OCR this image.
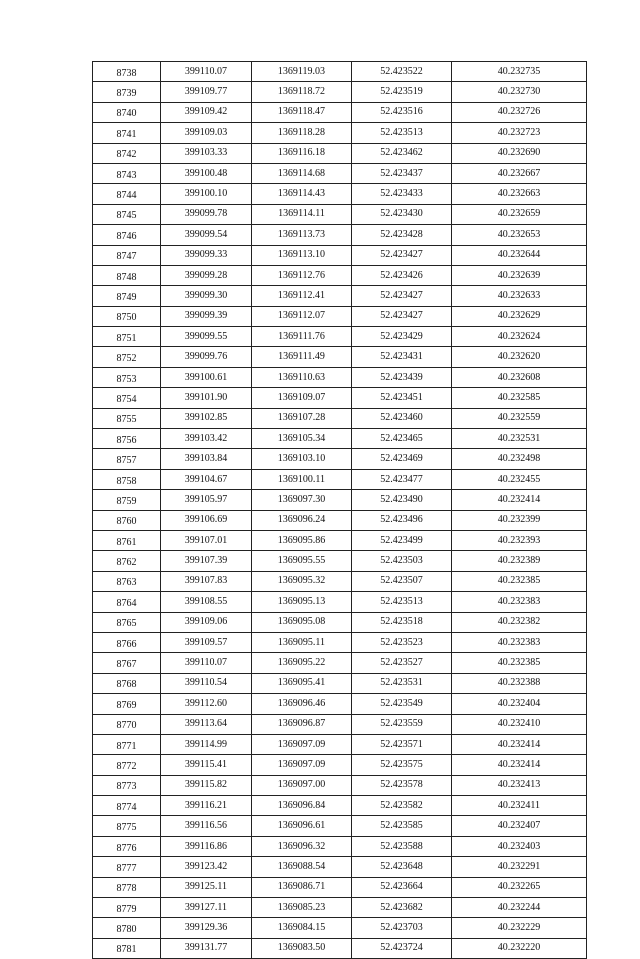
8738	399110.07	1369119.03	52.423522	40.232735
8739	399109.77	1369118.72	52.423519	40.232730
8740	399109.42	1369118.47	52.423516	40.232726
8741	399109.03	1369118.28	52.423513	40.232723
8742	399103.33	1369116.18	52.423462	40.232690
8743	399100.48	1369114.68	52.423437	40.232667
8744	399100.10	1369114.43	52.423433	40.232663
8745	399099.78	1369114.11	52.423430	40.232659
8746	399099.54	1369113.73	52.423428	40.232653
8747	399099.33	1369113.10	52.423427	40.232644
8748	399099.28	1369112.76	52.423426	40.232639
8749	399099.30	1369112.41	52.423427	40.232633
8750	399099.39	1369112.07	52.423427	40.232629
8751	399099.55	1369111.76	52.423429	40.232624
8752	399099.76	1369111.49	52.423431	40.232620
8753	399100.61	1369110.63	52.423439	40.232608
8754	399101.90	1369109.07	52.423451	40.232585
8755	399102.85	1369107.28	52.423460	40.232559
8756	399103.42	1369105.34	52.423465	40.232531
8757	399103.84	1369103.10	52.423469	40.232498
8758	399104.67	1369100.11	52.423477	40.232455
8759	399105.97	1369097.30	52.423490	40.232414
8760	399106.69	1369096.24	52.423496	40.232399
8761	399107.01	1369095.86	52.423499	40.232393
8762	399107.39	1369095.55	52.423503	40.232389
8763	399107.83	1369095.32	52.423507	40.232385
8764	399108.55	1369095.13	52.423513	40.232383
8765	399109.06	1369095.08	52.423518	40.232382
8766	399109.57	1369095.11	52.423523	40.232383
8767	399110.07	1369095.22	52.423527	40.232385
8768	399110.54	1369095.41	52.423531	40.232388
8769	399112.60	1369096.46	52.423549	40.232404
8770	399113.64	1369096.87	52.423559	40.232410
8771	399114.99	1369097.09	52.423571	40.232414
8772	399115.41	1369097.09	52.423575	40.232414
8773	399115.82	1369097.00	52.423578	40.232413
8774	399116.21	1369096.84	52.423582	40.232411
8775	399116.56	1369096.61	52.423585	40.232407
8776	399116.86	1369096.32	52.423588	40.232403
8777	399123.42	1369088.54	52.423648	40.232291
8778	399125.11	1369086.71	52.423664	40.232265
8779	399127.11	1369085.23	52.423682	40.232244
8780	399129.36	1369084.15	52.423703	40.232229
8781	399131.77	1369083.50	52.423724	40.232220
